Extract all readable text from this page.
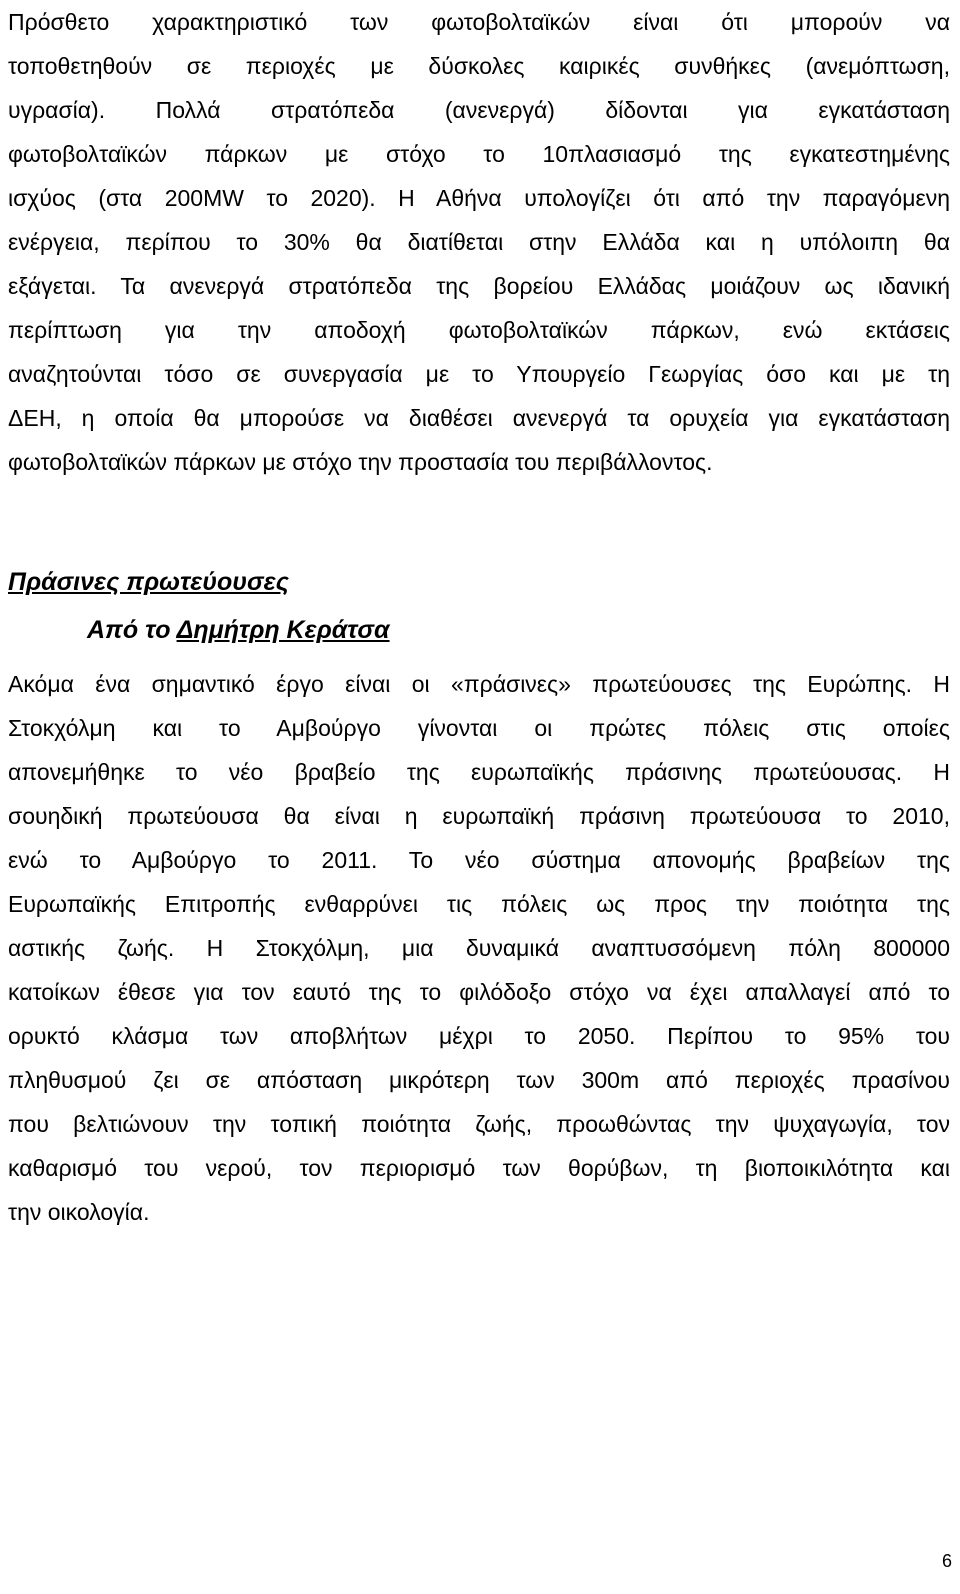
Πρόσθετο χαρακτηριστικό των φωτοβολταϊκών είναι ότι μπορούν να
τοποθετηθούν σε περιοχές με δύσκολες καιρικές συνθήκες (ανεμόπτωση,
υγρασία). Πολλά στρατόπεδα (ανενεργά) δίδονται για εγκατάσταση
φωτοβολταϊκών πάρκων με στόχο το 10πλασιασμό της εγκατεστημένης
ισχύος (στα 200MW το 2020). Η Αθήνα υπολογίζει ότι από την παραγόμενη
ενέργεια, περίπου το 30% θα διατίθεται στην Ελλάδα και η υπόλοιπη θα
εξάγεται. Τα ανενεργά στρατόπεδα της βορείου Ελλάδας μοιάζουν ως ιδανική
περίπτωση για την αποδοχή φωτοβολταϊκών πάρκων, ενώ εκτάσεις
αναζητούνται τόσο σε συνεργασία με το Υπουργείο Γεωργίας όσο και με τη
ΔΕΗ, η οποία θα μπορούσε να διαθέσει ανενεργά τα ορυχεία για εγκατάσταση
φωτοβολταϊκών πάρκων με στόχο την προστασία του περιβάλλοντος.
Πράσινες πρωτεύουσες
Από το Δημήτρη Κεράτσα
Ακόμα ένα σημαντικό έργο είναι οι «πράσινες» πρωτεύουσες της Ευρώπης. Η
Στοκχόλμη και το Αμβούργο γίνονται οι πρώτες πόλεις στις οποίες
απονεμήθηκε το νέο βραβείο της ευρωπαϊκής πράσινης πρωτεύουσας. Η
σουηδική πρωτεύουσα θα είναι η ευρωπαϊκή πράσινη πρωτεύουσα το 2010,
ενώ το Αμβούργο το 2011. Το νέο σύστημα απονομής βραβείων της
Ευρωπαϊκής Επιτροπής ενθαρρύνει τις πόλεις ως προς την ποιότητα της
αστικής ζωής. Η Στοκχόλμη, μια δυναμικά αναπτυσσόμενη πόλη 800000
κατοίκων έθεσε για τον εαυτό της το φιλόδοξο στόχο να έχει απαλλαγεί από το
ορυκτό κλάσμα των αποβλήτων μέχρι το 2050. Περίπου το 95% του
πληθυσμού ζει σε απόσταση μικρότερη των 300m από περιοχές πρασίνου
που βελτιώνουν την τοπική ποιότητα ζωής, προωθώντας την ψυχαγωγία, τον
καθαρισμό του νερού, τον περιορισμό των θορύβων, τη βιοποικιλότητα και
την οικολογία.
6
